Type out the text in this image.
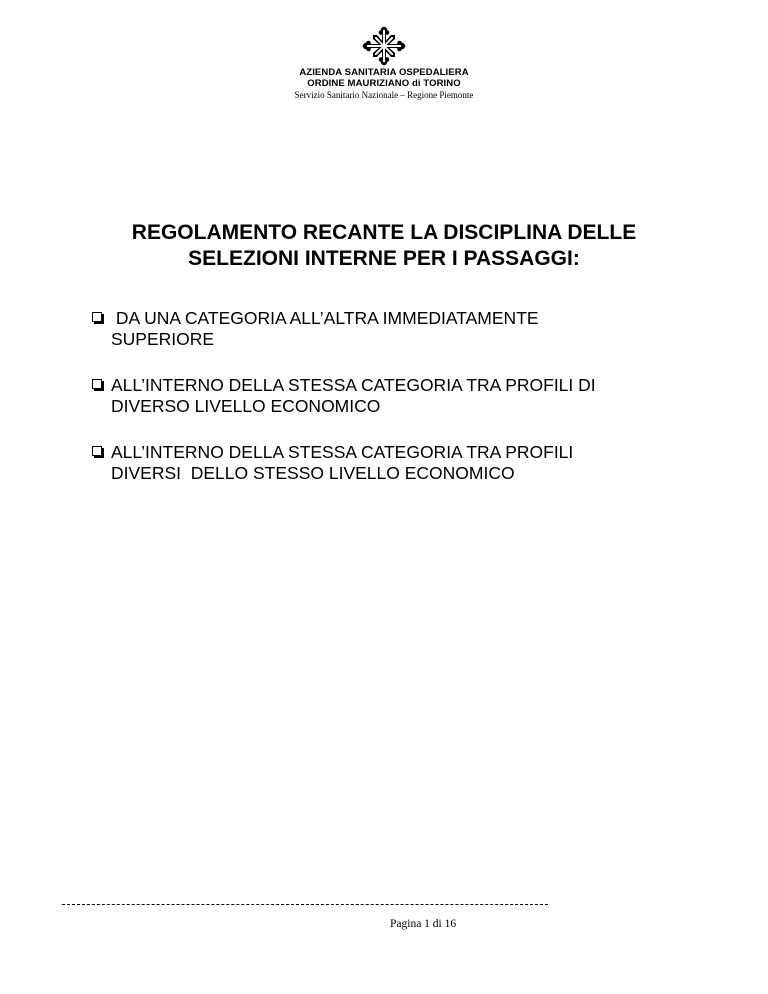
AZIENDA SANITARIA OSPEDALIERA
ORDINE MAURIZIANO di TORINO
Servizio Sanitario Nazionale – Regione Piemonte
REGOLAMENTO RECANTE LA DISCIPLINA DELLE
SELEZIONI INTERNE PER I PASSAGGI:
DA UNA CATEGORIA ALL’ALTRA IMMEDIATAMENTE
SUPERIORE
ALL’INTERNO DELLA STESSA CATEGORIA TRA PROFILI DI
DIVERSO LIVELLO ECONOMICO
ALL’INTERNO DELLA STESSA CATEGORIA TRA PROFILI
DIVERSI  DELLO STESSO LIVELLO ECONOMICO
Pagina 1 di 16
